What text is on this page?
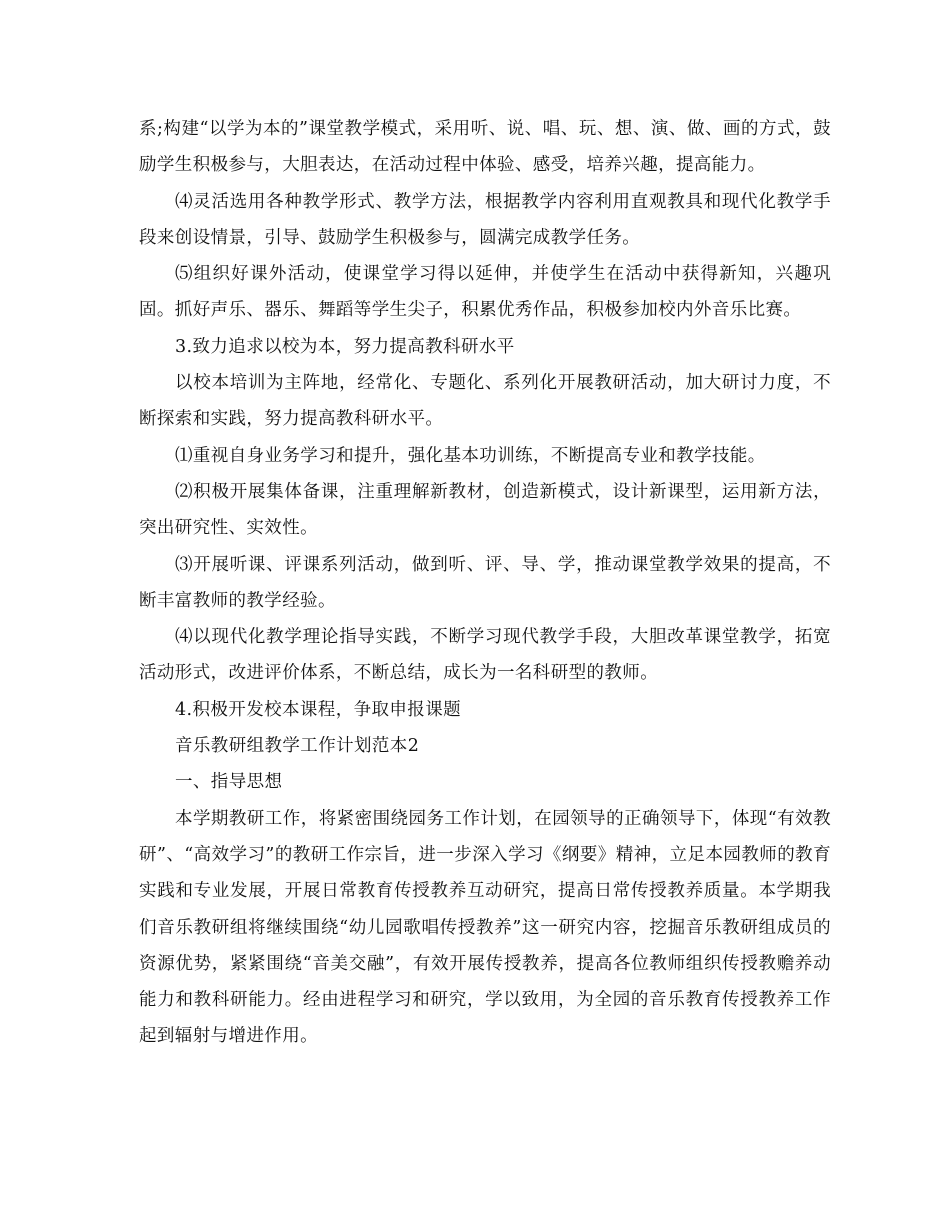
系;构建“以学为本的”课堂教学模式，采用听、说、唱、玩、想、演、做、画的方式，鼓励学生积极参与，大胆表达，在活动过程中体验、感受，培养兴趣，提高能力。

⑷灵活选用各种教学形式、教学方法，根据教学内容利用直观教具和现代化教学手段来创设情景，引导、鼓励学生积极参与，圆满完成教学任务。

⑸组织好课外活动，使课堂学习得以延伸，并使学生在活动中获得新知，兴趣巩固。抓好声乐、器乐、舞蹈等学生尖子，积累优秀作品，积极参加校内外音乐比赛。

3.致力追求以校为本，努力提高教科研水平

以校本培训为主阵地，经常化、专题化、系列化开展教研活动，加大研讨力度，不断探索和实践，努力提高教科研水平。

⑴重视自身业务学习和提升，强化基本功训练，不断提高专业和教学技能。

⑵积极开展集体备课，注重理解新教材，创造新模式，设计新课型，运用新方法，突出研究性、实效性。

⑶开展听课、评课系列活动，做到听、评、导、学，推动课堂教学效果的提高，不断丰富教师的教学经验。

⑷以现代化教学理论指导实践，不断学习现代教学手段，大胆改革课堂教学，拓宽活动形式，改进评价体系，不断总结，成长为一名科研型的教师。

4.积极开发校本课程，争取申报课题

音乐教研组教学工作计划范本2

一、指导思想

本学期教研工作，将紧密围绕园务工作计划，在园领导的正确领导下，体现“有效教研”、“高效学习”的教研工作宗旨，进一步深入学习《纲要》精神，立足本园教师的教育实践和专业发展，开展日常教育传授教养互动研究，提高日常传授教养质量。本学期我们音乐教研组将继续围绕“幼儿园歌唱传授教养”这一研究内容，挖掘音乐教研组成员的资源优势，紧紧围绕“音美交融”，有效开展传授教养，提高各位教师组织传授教赡养动能力和教科研能力。经由进程学习和研究，学以致用，为全园的音乐教育传授教养工作起到辐射与增进作用。
